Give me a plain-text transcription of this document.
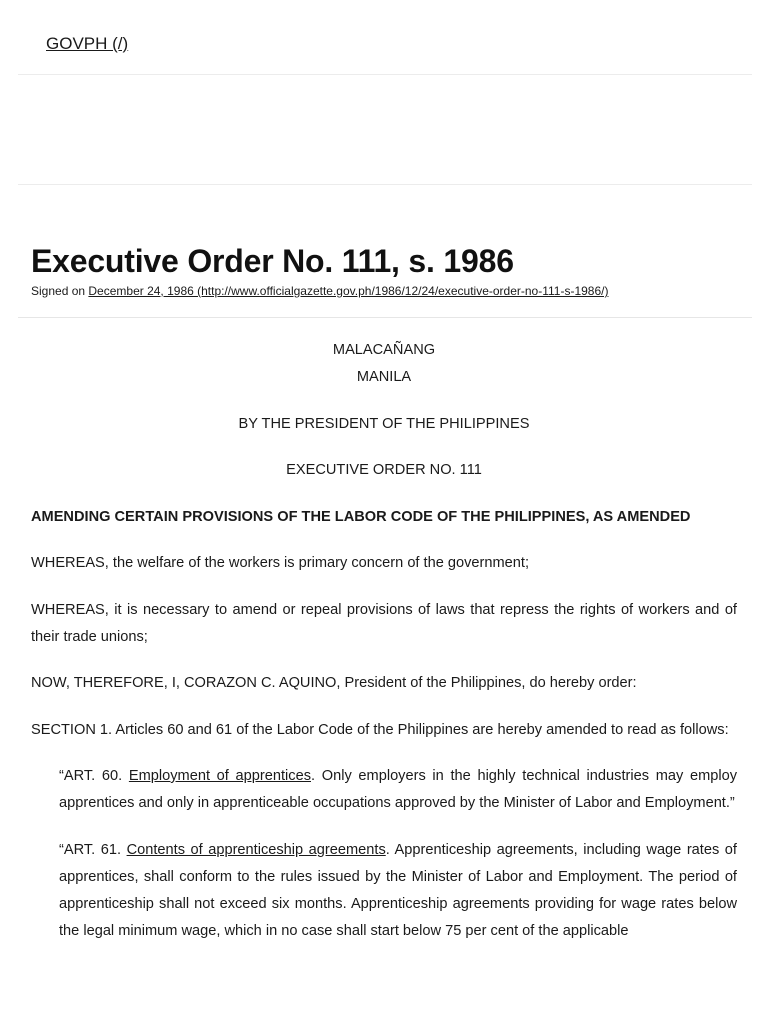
GOVPH (/)
Executive Order No. 111, s. 1986
Signed on December 24, 1986 (http://www.officialgazette.gov.ph/1986/12/24/executive-order-no-111-s-1986/)
MALACAÑANG
MANILA

BY THE PRESIDENT OF THE PHILIPPINES

EXECUTIVE ORDER NO. 111

AMENDING CERTAIN PROVISIONS OF THE LABOR CODE OF THE PHILIPPINES, AS AMENDED

WHEREAS, the welfare of the workers is primary concern of the government;

WHEREAS, it is necessary to amend or repeal provisions of laws that repress the rights of workers and of their trade unions;

NOW, THEREFORE, I, CORAZON C. AQUINO, President of the Philippines, do hereby order:

SECTION 1. Articles 60 and 61 of the Labor Code of the Philippines are hereby amended to read as follows:

“ART. 60. Employment of apprentices. Only employers in the highly technical industries may employ apprentices and only in apprenticeable occupations approved by the Minister of Labor and Employment.”

“ART. 61. Contents of apprenticeship agreements. Apprenticeship agreements, including wage rates of apprentices, shall conform to the rules issued by the Minister of Labor and Employment. The period of apprenticeship shall not exceed six months. Apprenticeship agreements providing for wage rates below the legal minimum wage, which in no case shall start below 75 per cent of the applicable
